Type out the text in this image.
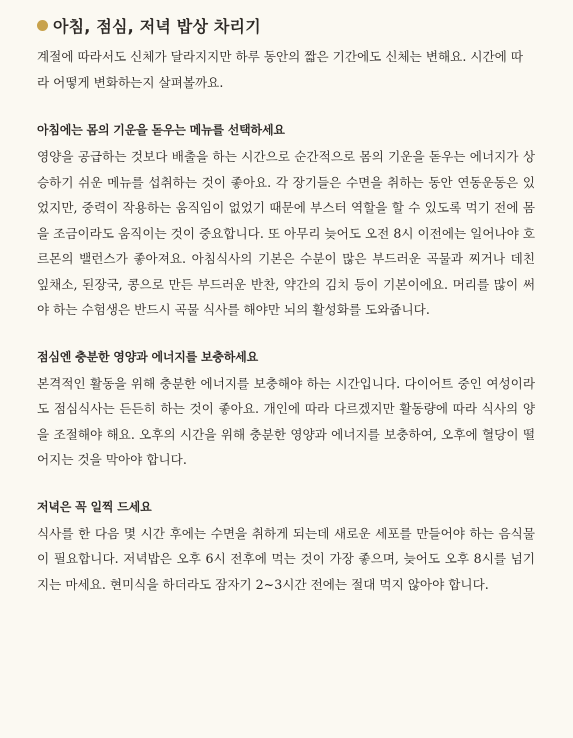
아침, 점심, 저녁 밥상 차리기

계절에 따라서도 신체가 달라지지만 하루 동안의 짧은 기간에도 신체는 변해요. 시간에 따라 어떻게 변화하는지 살펴볼까요.

아침에는 몸의 기운을 돋우는 메뉴를 선택하세요

영양을 공급하는 것보다 배출을 하는 시간으로 순간적으로 몸의 기운을 돋우는 에너지가 상승하기 쉬운 메뉴를 섭취하는 것이 좋아요. 각 장기들은 수면을 취하는 동안 연동운동은 있었지만, 중력이 작용하는 움직임이 없었기 때문에 부스터 역할을 할 수 있도록 먹기 전에 몸을 조금이라도 움직이는 것이 중요합니다. 또 아무리 늦어도 오전 8시 이전에는 일어나야 호르몬의 밸런스가 좋아져요. 아침식사의 기본은 수분이 많은 부드러운 곡물과 찌거나 데친 잎채소, 된장국, 콩으로 만든 부드러운 반찬, 약간의 김치 등이 기본이에요. 머리를 많이 써야 하는 수험생은 반드시 곡물 식사를 해야만 뇌의 활성화를 도와줍니다.

점심엔 충분한 영양과 에너지를 보충하세요

본격적인 활동을 위해 충분한 에너지를 보충해야 하는 시간입니다. 다이어트 중인 여성이라도 점심식사는 든든히 하는 것이 좋아요. 개인에 따라 다르겠지만 활동량에 따라 식사의 양을 조절해야 해요. 오후의 시간을 위해 충분한 영양과 에너지를 보충하여, 오후에 혈당이 떨어지는 것을 막아야 합니다.

저녁은 꼭 일찍 드세요

식사를 한 다음 몇 시간 후에는 수면을 취하게 되는데 새로운 세포를 만들어야 하는 음식물이 필요합니다. 저녁밥은 오후 6시 전후에 먹는 것이 가장 좋으며, 늦어도 오후 8시를 넘기지는 마세요. 현미식을 하더라도 잠자기 2~3시간 전에는 절대 먹지 않아야 합니다.
